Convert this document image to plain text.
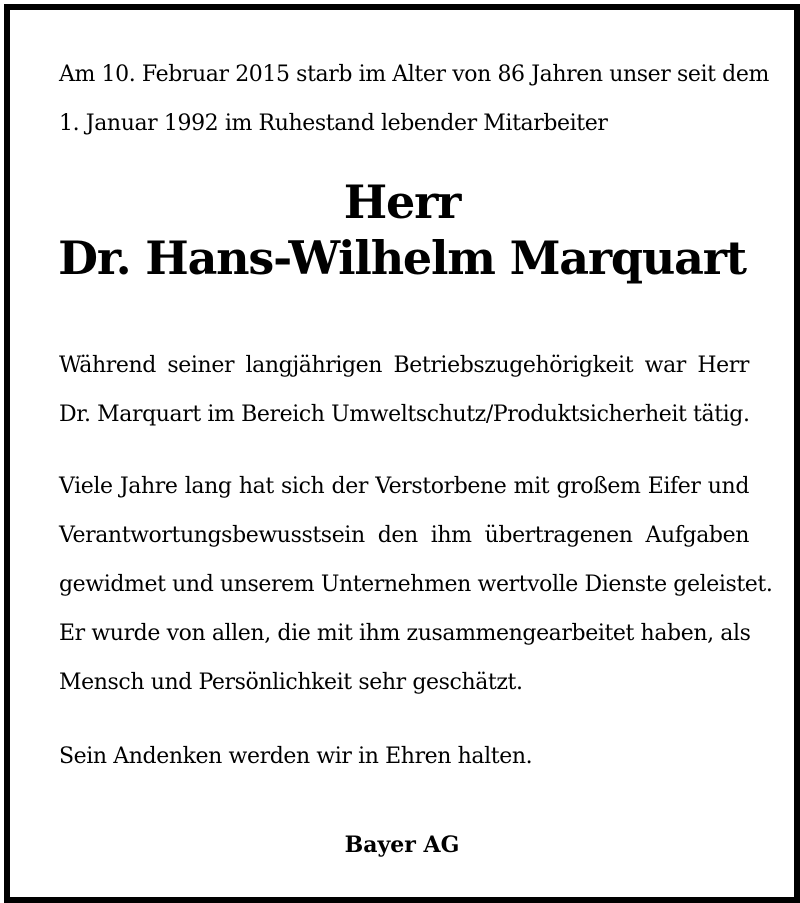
Am 10. Februar 2015 starb im Alter von 86 Jahren unser seit dem
1. Januar 1992 im Ruhestand lebender Mitarbeiter
Herr
Dr. Hans-Wilhelm Marquart
Während seiner langjährigen Betriebszugehörigkeit war Herr
Dr. Marquart im Bereich Umweltschutz/Produktsicherheit tätig.
Viele Jahre lang hat sich der Verstorbene mit großem Eifer und
Verantwortungsbewusstsein den ihm übertragenen Aufgaben
gewidmet und unserem Unternehmen wertvolle Dienste geleistet.
Er wurde von allen, die mit ihm zusammengearbeitet haben, als
Mensch und Persönlichkeit sehr geschätzt.
Sein Andenken werden wir in Ehren halten.
Bayer AG
